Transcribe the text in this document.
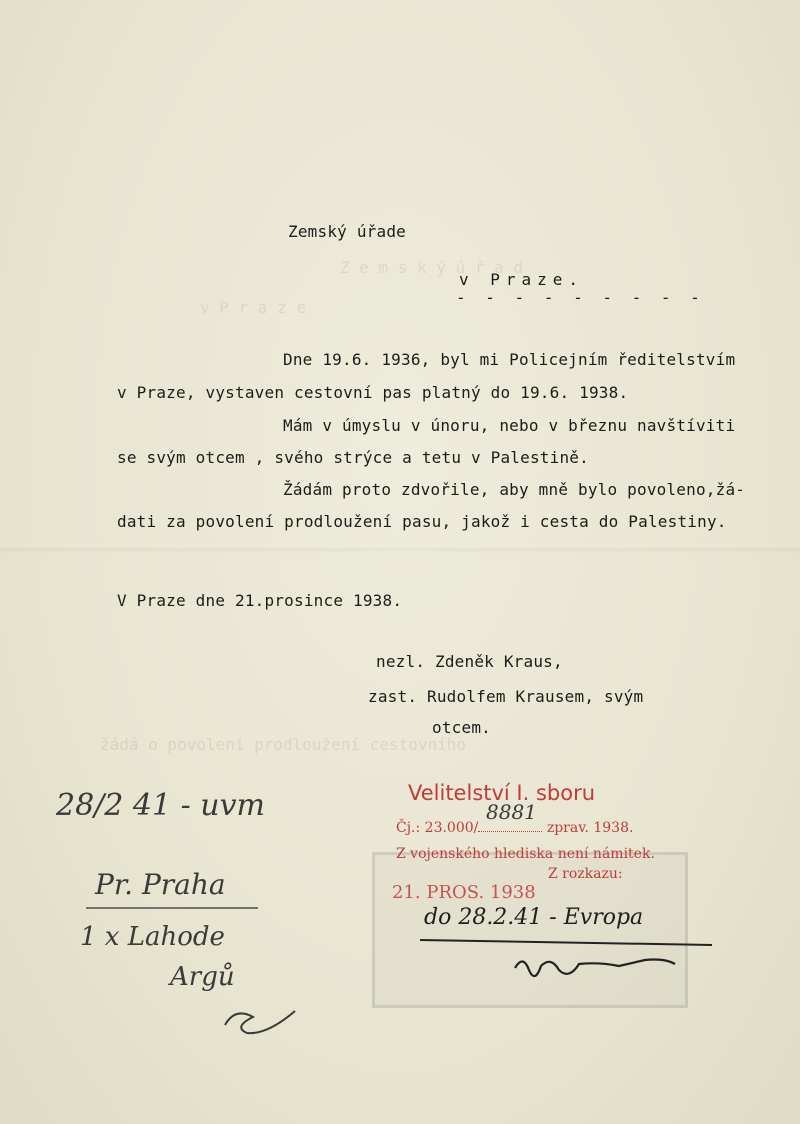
Z e m s k ý ú ř a d
v P r a z e
žádá o povolení prodloužení cestovního
Zemský úřade
v Praze.
- - - - - - - - -
Dne 19.6. 1936, byl mi Policejním ředitelstvím
v Praze, vystaven cestovní pas platný do 19.6. 1938.
Mám v úmyslu v únoru, nebo v březnu navštíviti
se svým otcem , svého strýce a tetu v Palestině.
Žádám proto zdvořile, aby mně bylo povoleno,žá-
dati za povolení prodloužení pasu, jakož i cesta do Palestiny.
V Praze dne 21.prosince 1938.
nezl. Zdeněk Kraus,
zast. Rudolfem Krausem, svým
otcem.
Velitelství I. sboru
Čj.: 23.000/	zprav. 1938.
8881
Z vojenského hlediska není námitek.
Z rozkazu:
21. PROS. 1938
28/2 41 - uvm
Pr. Praha
1 x Lahode
Argů
do 28.2.41 - Evropa
